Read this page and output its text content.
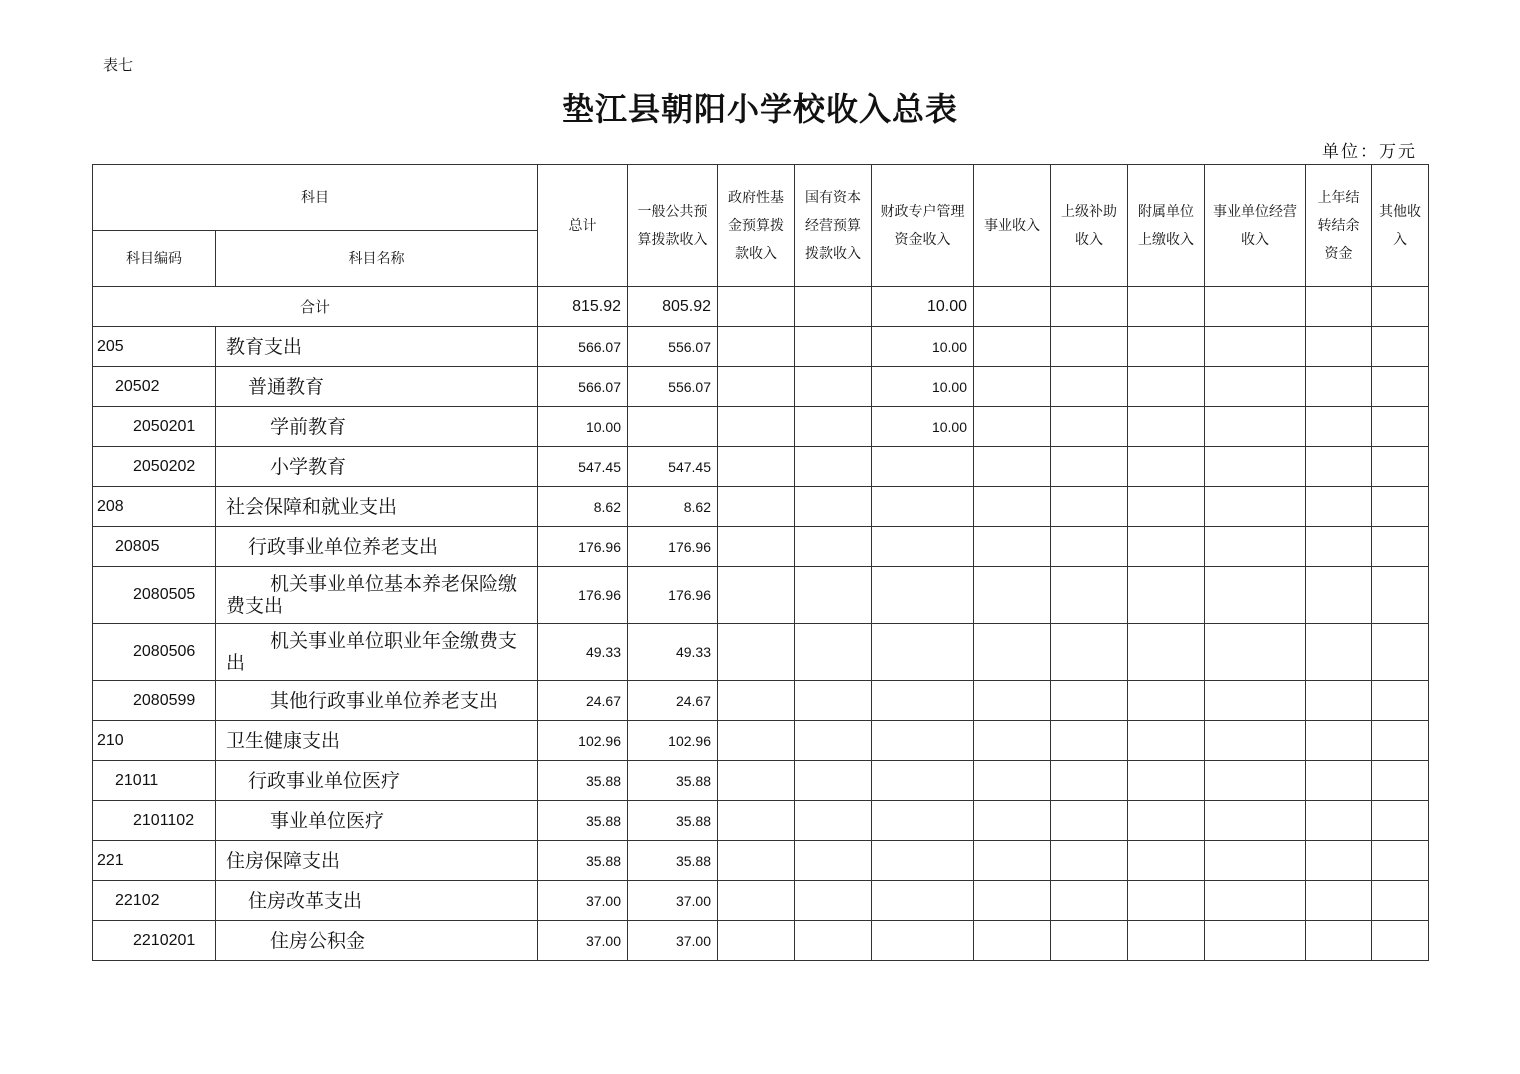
表七
垫江县朝阳小学校收入总表
单位：万元
科目		总计	一般公共预算拨款收入	政府性基金预算拨款收入	国有资本经营预算拨款收入	财政专户管理资金收入	事业收入	上级补助收入	附属单位上缴收入	事业单位经营收入	上年结转结余资金	其他收入
科目编码	科目名称											
合计		815.92	805.92			10.00						
205	教育支出	566.07	556.07			10.00						
20502	普通教育	566.07	556.07			10.00						
2050201	学前教育	10.00				10.00						
2050202	小学教育	547.45	547.45									
208	社会保障和就业支出	8.62	8.62									
20805	行政事业单位养老支出	176.96	176.96									
2080505	机关事业单位基本养老保险缴费支出	176.96	176.96									
2080506	机关事业单位职业年金缴费支出	49.33	49.33									
2080599	其他行政事业单位养老支出	24.67	24.67									
210	卫生健康支出	102.96	102.96									
21011	行政事业单位医疗	35.88	35.88									
2101102	事业单位医疗	35.88	35.88									
221	住房保障支出	35.88	35.88									
22102	住房改革支出	37.00	37.00									
2210201	住房公积金	37.00	37.00									
